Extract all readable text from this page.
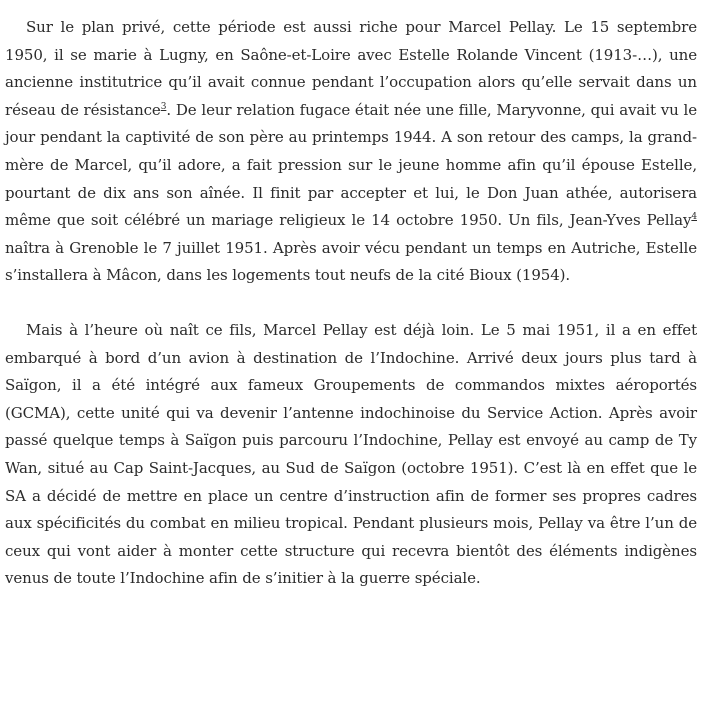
Sur le plan privé, cette période est aussi riche pour Marcel Pellay. Le 15 septembre 1950, il se marie à Lugny, en Saône-et-Loire avec Estelle Rolande Vincent (1913-…), une ancienne institutrice qu’il avait connue pendant l’occupation alors qu’elle servait dans un réseau de résistance$^3$. De leur relation fugace était née une fille, Maryvonne, qui avait vu le jour pendant la captivité de son père au printemps 1944. A son retour des camps, la grand-mère de Marcel, qu’il adore, a fait pression sur le jeune homme afin qu’il épouse Estelle, pourtant de dix ans son aînée. Il finit par accepter et lui, le Don Juan athée, autorisera même que soit célébré un mariage religieux le 14 octobre 1950. Un fils, Jean-Yves Pellay$^4$ naîtra à Grenoble le 7 juillet 1951. Après avoir vécu pendant un temps en Autriche, Estelle s’installera à Mâcon, dans les logements tout neufs de la cité Bioux (1954).

Mais à l’heure où naît ce fils, Marcel Pellay est déjà loin. Le 5 mai 1951, il a en effet embarqué à bord d’un avion à destination de l’Indochine. Arrivé deux jours plus tard à Saïgon, il a été intégré aux fameux Groupements de commandos mixtes aéroportés (GCMA), cette unité qui va devenir l’antenne indochinoise du Service Action. Après avoir passé quelque temps à Saïgon puis parcouru l’Indochine, Pellay est envoyé au camp de Ty Wan, situé au Cap Saint-Jacques, au Sud de Saïgon (octobre 1951). C’est là en effet que le SA a décidé de mettre en place un centre d’instruction afin de former ses propres cadres aux spécificités du combat en milieu tropical. Pendant plusieurs mois, Pellay va être l’un de ceux qui vont aider à monter cette structure qui recevra bientôt des éléments indigènes venus de toute l’Indochine afin de s’initier à la guerre spéciale.
